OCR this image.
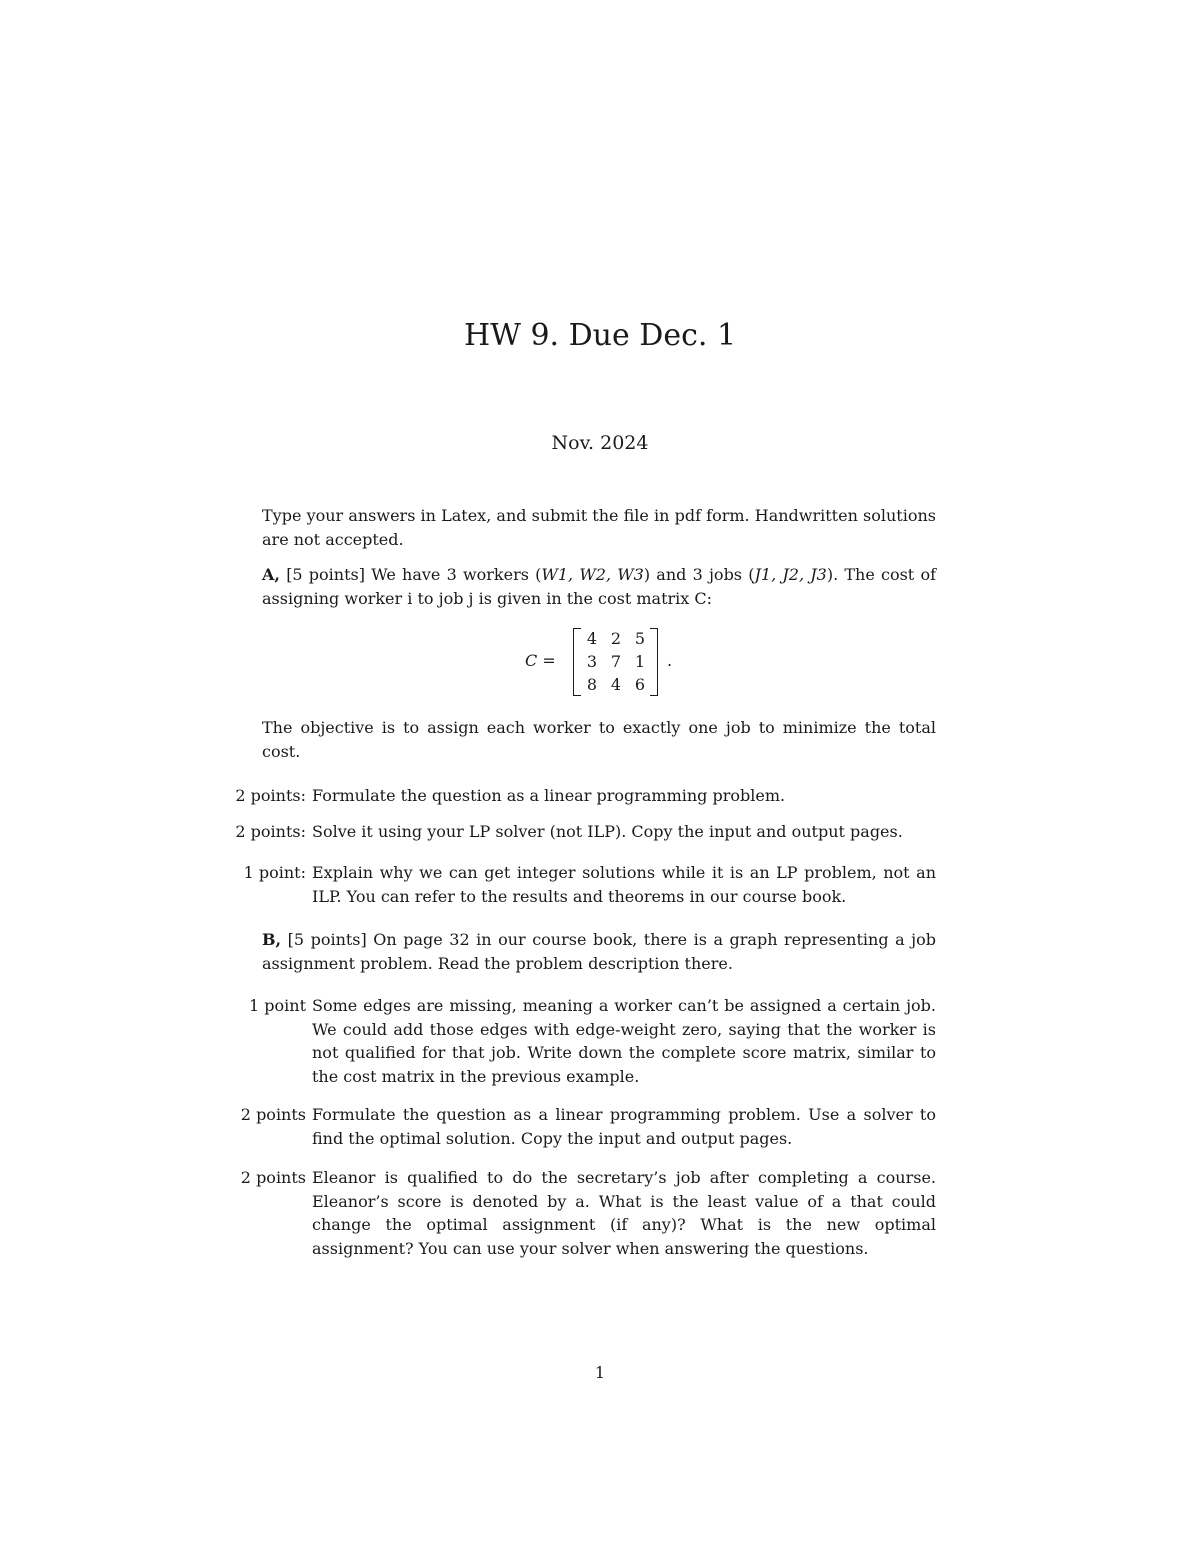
HW 9. Due Dec. 1
Nov. 2024
Type your answers in Latex, and submit the file in pdf form. Handwritten solutions are not accepted.
A, [5 points] We have 3 workers (W1, W2, W3) and 3 jobs (J1, J2, J3). The cost of assigning worker i to job j is given in the cost matrix C:
C =
4 2 5
3 7 1
8 4 6
.
The objective is to assign each worker to exactly one job to minimize the total cost.
2 points: Formulate the question as a linear programming problem.
2 points: Solve it using your LP solver (not ILP). Copy the input and output pages.
1 point: Explain why we can get integer solutions while it is an LP problem, not an ILP. You can refer to the results and theorems in our course book.
B, [5 points] On page 32 in our course book, there is a graph representing a job assignment problem. Read the problem description there.
1 point Some edges are missing, meaning a worker can’t be assigned a certain job. We could add those edges with edge-weight zero, saying that the worker is not qualified for that job. Write down the complete score matrix, similar to the cost matrix in the previous example.
2 points Formulate the question as a linear programming problem. Use a solver to find the optimal solution. Copy the input and output pages.
2 points Eleanor is qualified to do the secretary’s job after completing a course. Eleanor’s score is denoted by a. What is the least value of a that could change the optimal assignment (if any)? What is the new optimal assignment? You can use your solver when answering the questions.
1
